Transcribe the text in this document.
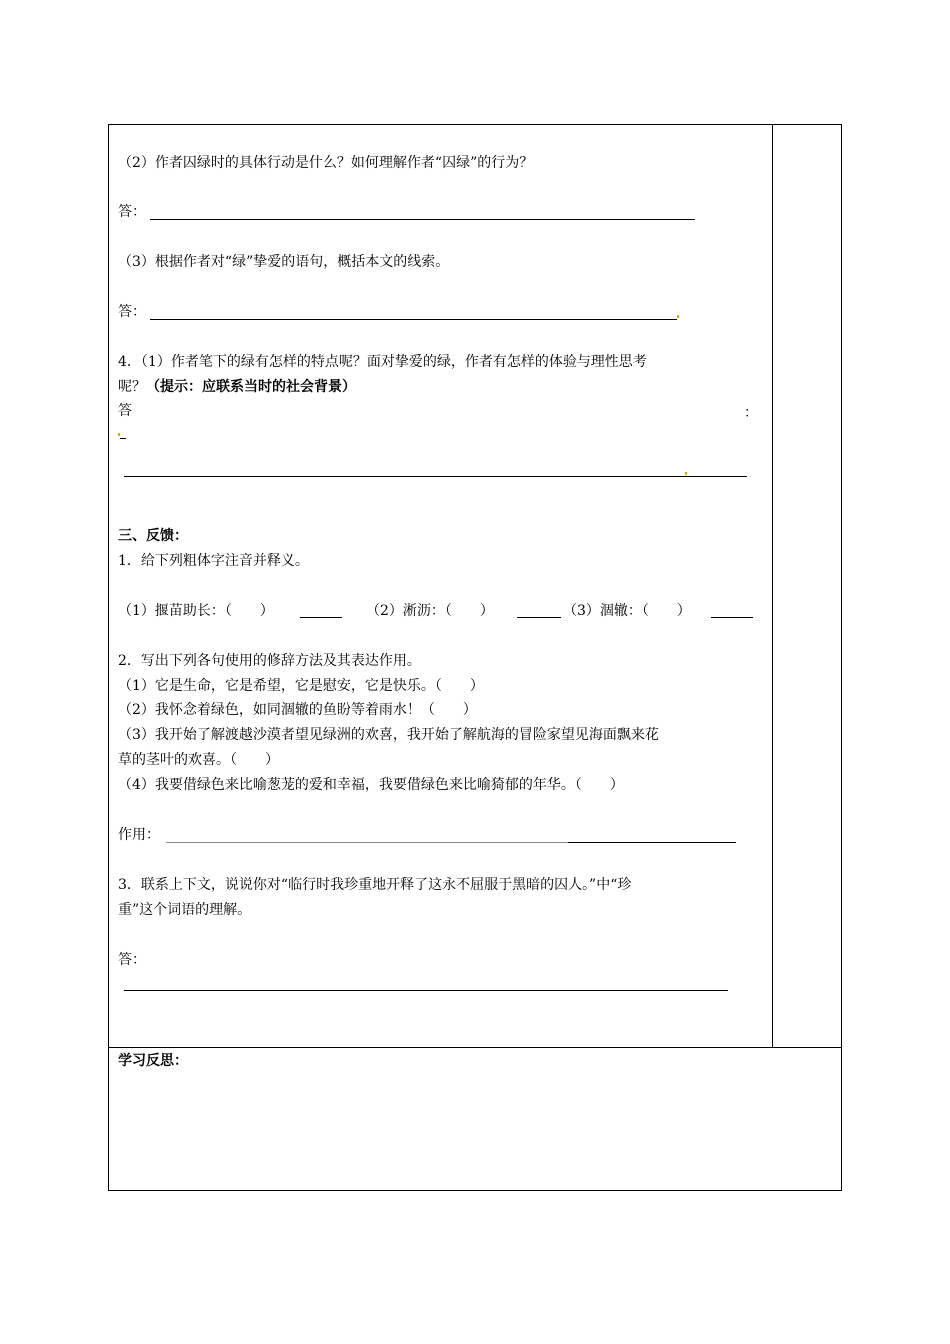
（2）作者囚绿时的具体行动是什么？如何理解作者“囚绿”的行为？
答：
（3）根据作者对“绿”挚爱的语句，概括本文的线索。
答：
4．（1）作者笔下的绿有怎样的特点呢？面对挚爱的绿，作者有怎样的体验与理性思考
呢？（提示：应联系当时的社会背景）
答	：
三、反馈：
1．给下列粗体字注音并释义。
（1）揠苗助长：（　　）	（2）淅沥：（　　）	（3）涸辙：（　　）
2．写出下列各句使用的修辞方法及其表达作用。
（1）它是生命，它是希望，它是慰安，它是快乐。（　　）
（2）我怀念着绿色，如同涸辙的鱼盼等着雨水！（　　）
（3）我开始了解渡越沙漠者望见绿洲的欢喜，我开始了解航海的冒险家望见海面飘来花
草的茎叶的欢喜。（　　）
（4）我要借绿色来比喻葱茏的爱和幸福，我要借绿色来比喻猗郁的年华。（　　）
作用：
3．联系上下文，说说你对“临行时我珍重地开释了这永不屈服于黑暗的囚人。”中“珍
重”这个词语的理解。
答：
学习反思：
